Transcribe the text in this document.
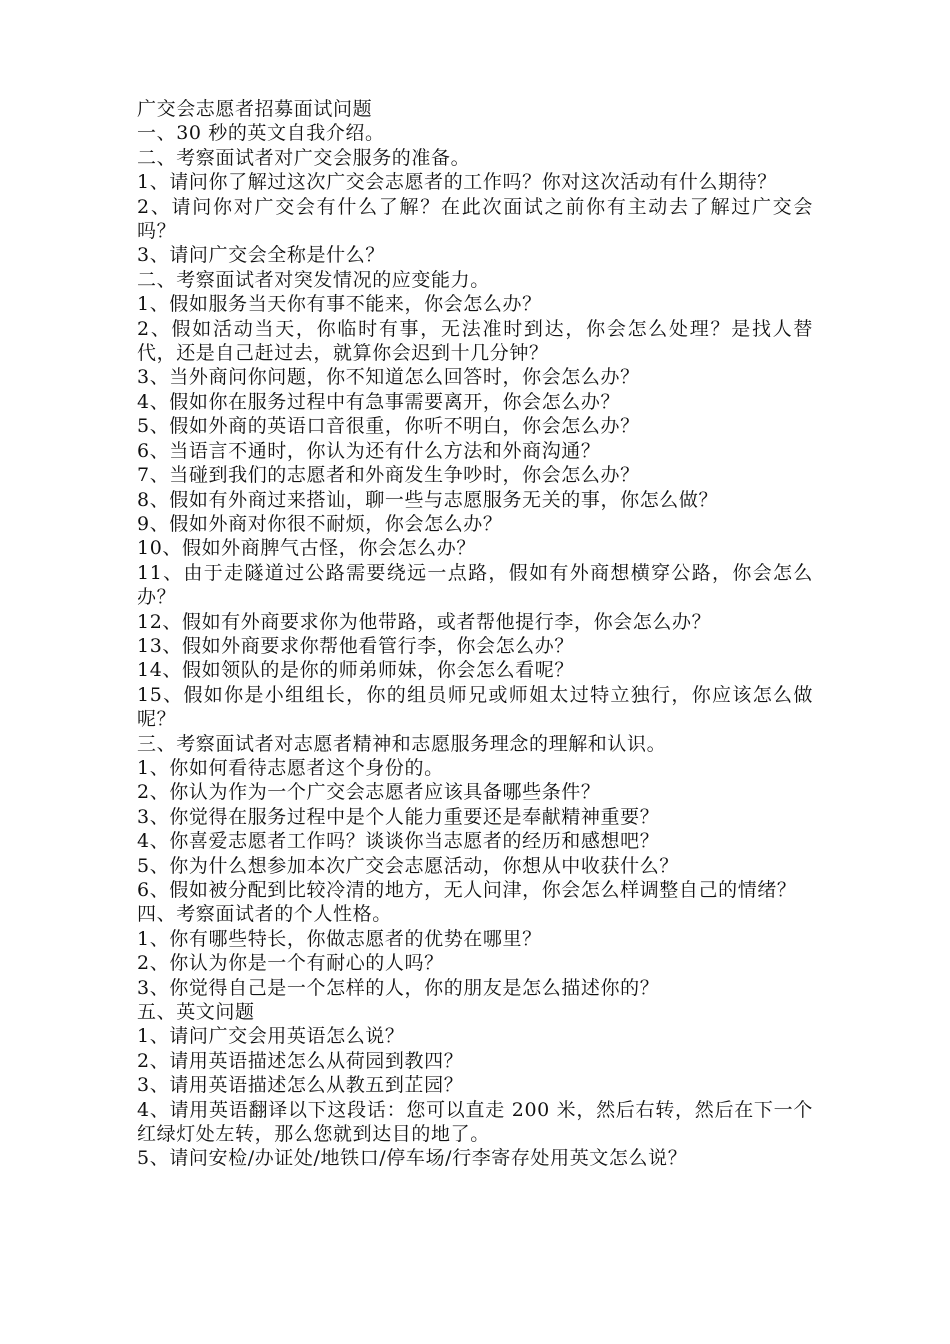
广交会志愿者招募面试问题

一、30 秒的英文自我介绍。

二、考察面试者对广交会服务的准备。

1、请问你了解过这次广交会志愿者的工作吗？你对这次活动有什么期待？

2、请问你对广交会有什么了解？在此次面试之前你有主动去了解过广交会吗？

3、请问广交会全称是什么？

二、考察面试者对突发情况的应变能力。

1、假如服务当天你有事不能来，你会怎么办？

2、假如活动当天，你临时有事，无法准时到达，你会怎么处理？是找人替代，还是自己赶过去，就算你会迟到十几分钟？

3、当外商问你问题，你不知道怎么回答时，你会怎么办？

4、假如你在服务过程中有急事需要离开，你会怎么办？

5、假如外商的英语口音很重，你听不明白，你会怎么办？

6、当语言不通时，你认为还有什么方法和外商沟通？

7、当碰到我们的志愿者和外商发生争吵时，你会怎么办？

8、假如有外商过来搭讪，聊一些与志愿服务无关的事，你怎么做？

9、假如外商对你很不耐烦，你会怎么办？

10、假如外商脾气古怪，你会怎么办？

11、由于走隧道过公路需要绕远一点路，假如有外商想横穿公路，你会怎么办？

12、假如有外商要求你为他带路，或者帮他提行李，你会怎么办？

13、假如外商要求你帮他看管行李，你会怎么办？

14、假如领队的是你的师弟师妹，你会怎么看呢？

15、假如你是小组组长，你的组员师兄或师姐太过特立独行，你应该怎么做呢？

三、考察面试者对志愿者精神和志愿服务理念的理解和认识。

1、你如何看待志愿者这个身份的。

2、你认为作为一个广交会志愿者应该具备哪些条件？

3、你觉得在服务过程中是个人能力重要还是奉献精神重要？

4、你喜爱志愿者工作吗？谈谈你当志愿者的经历和感想吧？

5、你为什么想参加本次广交会志愿活动，你想从中收获什么？

6、假如被分配到比较冷清的地方，无人问津，你会怎么样调整自己的情绪？

四、考察面试者的个人性格。

1、你有哪些特长，你做志愿者的优势在哪里？

2、你认为你是一个有耐心的人吗？

3、你觉得自己是一个怎样的人，你的朋友是怎么描述你的？

五、英文问题

1、请问广交会用英语怎么说？

2、请用英语描述怎么从荷园到教四？

3、请用英语描述怎么从教五到芷园？

4、请用英语翻译以下这段话：您可以直走 200 米，然后右转，然后在下一个红绿灯处左转，那么您就到达目的地了。

5、请问安检/办证处/地铁口/停车场/行李寄存处用英文怎么说？
